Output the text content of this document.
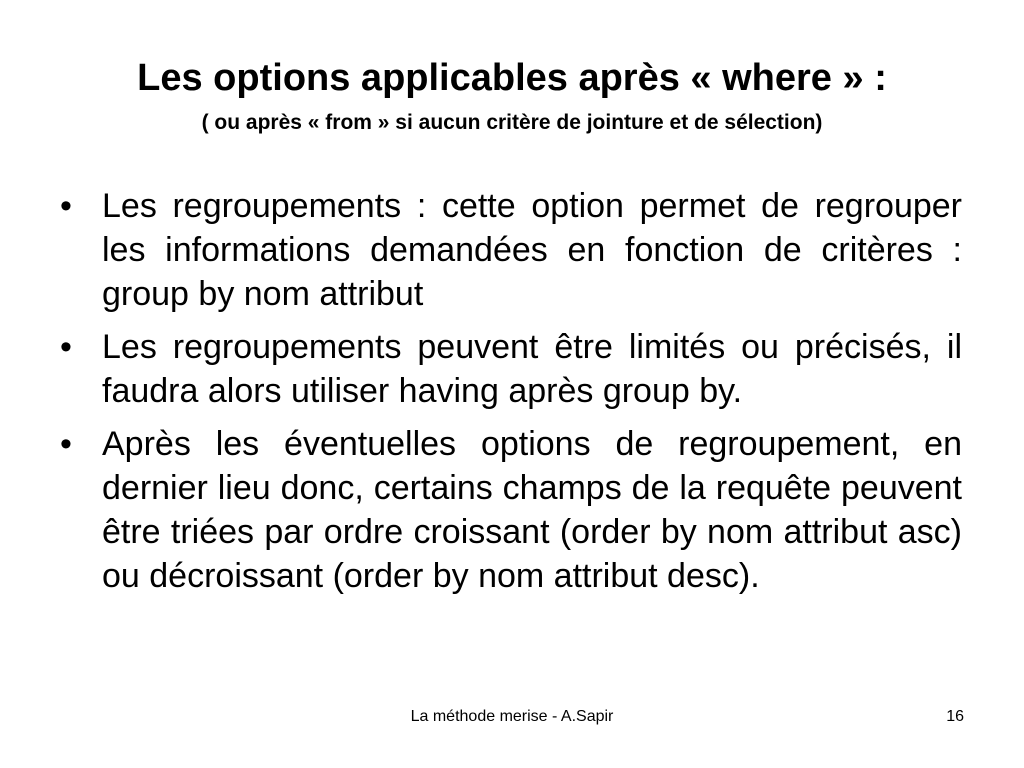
Les options applicables après « where » :

( ou après « from » si aucun critère de jointure et de sélection)

• Les regroupements : cette option permet de regrouper les informations demandées en fonction de critères : group by nom attribut
• Les regroupements peuvent être limités ou précisés, il faudra alors utiliser having après group by.
• Après les éventuelles options de regroupement, en dernier lieu donc, certains champs de la requête peuvent être triées par ordre croissant (order by nom attribut asc) ou décroissant (order by nom attribut desc).
La méthode merise - A.Sapir	16
